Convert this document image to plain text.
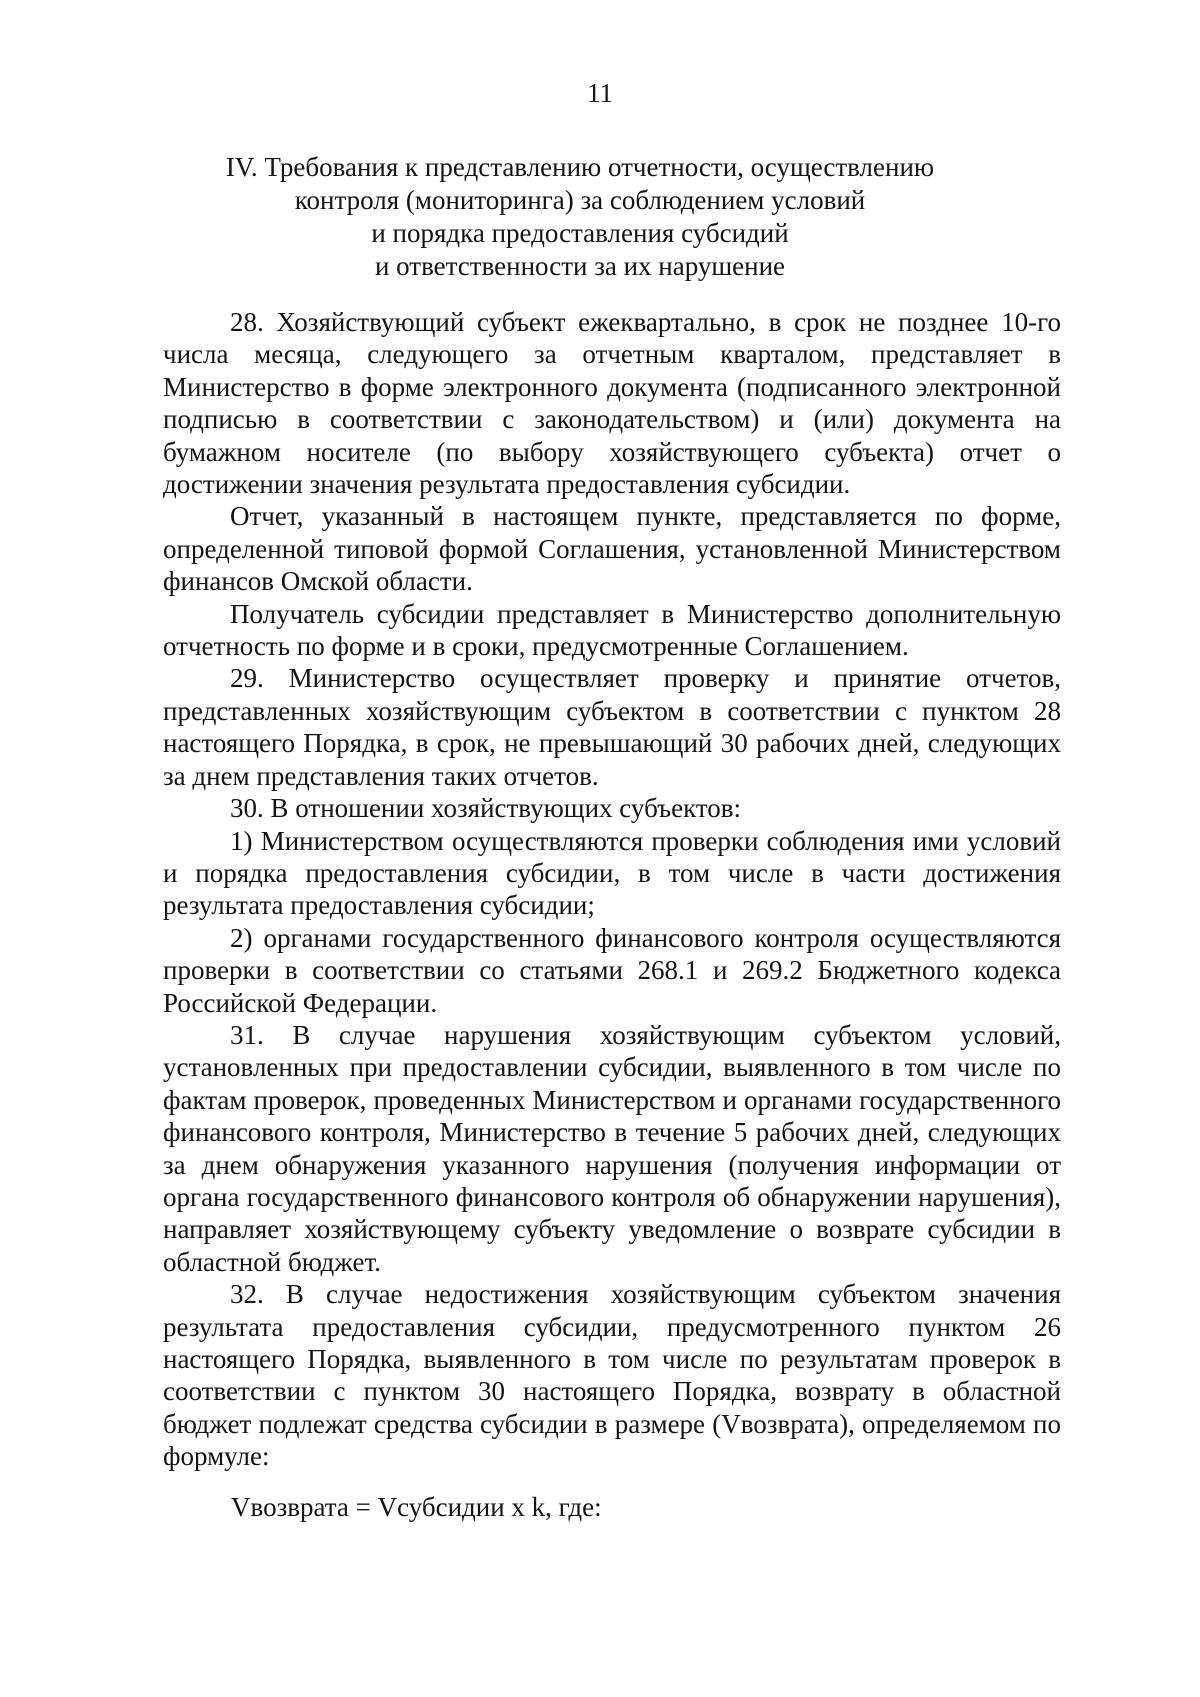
11
IV. Требования к представлению отчетности, осуществлению
контроля (мониторинга) за соблюдением условий
и порядка предоставления субсидий
и ответственности за их нарушение

28. Хозяйствующий субъект ежеквартально, в срок не позднее 10-го числа месяца, следующего за отчетным кварталом, представляет в Министерство в форме электронного документа (подписанного электронной подписью в соответствии с законодательством) и (или) документа на бумажном носителе (по выбору хозяйствующего субъекта) отчет о достижении значения результата предоставления субсидии.

Отчет, указанный в настоящем пункте, представляется по форме, определенной типовой формой Соглашения, установленной Министерством финансов Омской области.

Получатель субсидии представляет в Министерство дополнительную отчетность по форме и в сроки, предусмотренные Соглашением.

29. Министерство осуществляет проверку и принятие отчетов, представленных хозяйствующим субъектом в соответствии с пунктом 28 настоящего Порядка, в срок, не превышающий 30 рабочих дней, следующих за днем представления таких отчетов.

30. В отношении хозяйствующих субъектов:

1) Министерством осуществляются проверки соблюдения ими условий и порядка предоставления субсидии, в том числе в части достижения результата предоставления субсидии;

2) органами государственного финансового контроля осуществляются проверки в соответствии со статьями 268.1 и 269.2 Бюджетного кодекса Российской Федерации.

31. В случае нарушения хозяйствующим субъектом условий, установленных при предоставлении субсидии, выявленного в том числе по фактам проверок, проведенных Министерством и органами государственного финансового контроля, Министерство в течение 5 рабочих дней, следующих за днем обнаружения указанного нарушения (получения информации от органа государственного финансового контроля об обнаружении нарушения), направляет хозяйствующему субъекту уведомление о возврате субсидии в областной бюджет.

32. В случае недостижения хозяйствующим субъектом значения результата предоставления субсидии, предусмотренного пунктом 26 настоящего Порядка, выявленного в том числе по результатам проверок в соответствии с пунктом 30 настоящего Порядка, возврату в областной бюджет подлежат средства субсидии в размере (Vвозврата), определяемом по формуле:

Vвозврата = Vсубсидии x k, где:
